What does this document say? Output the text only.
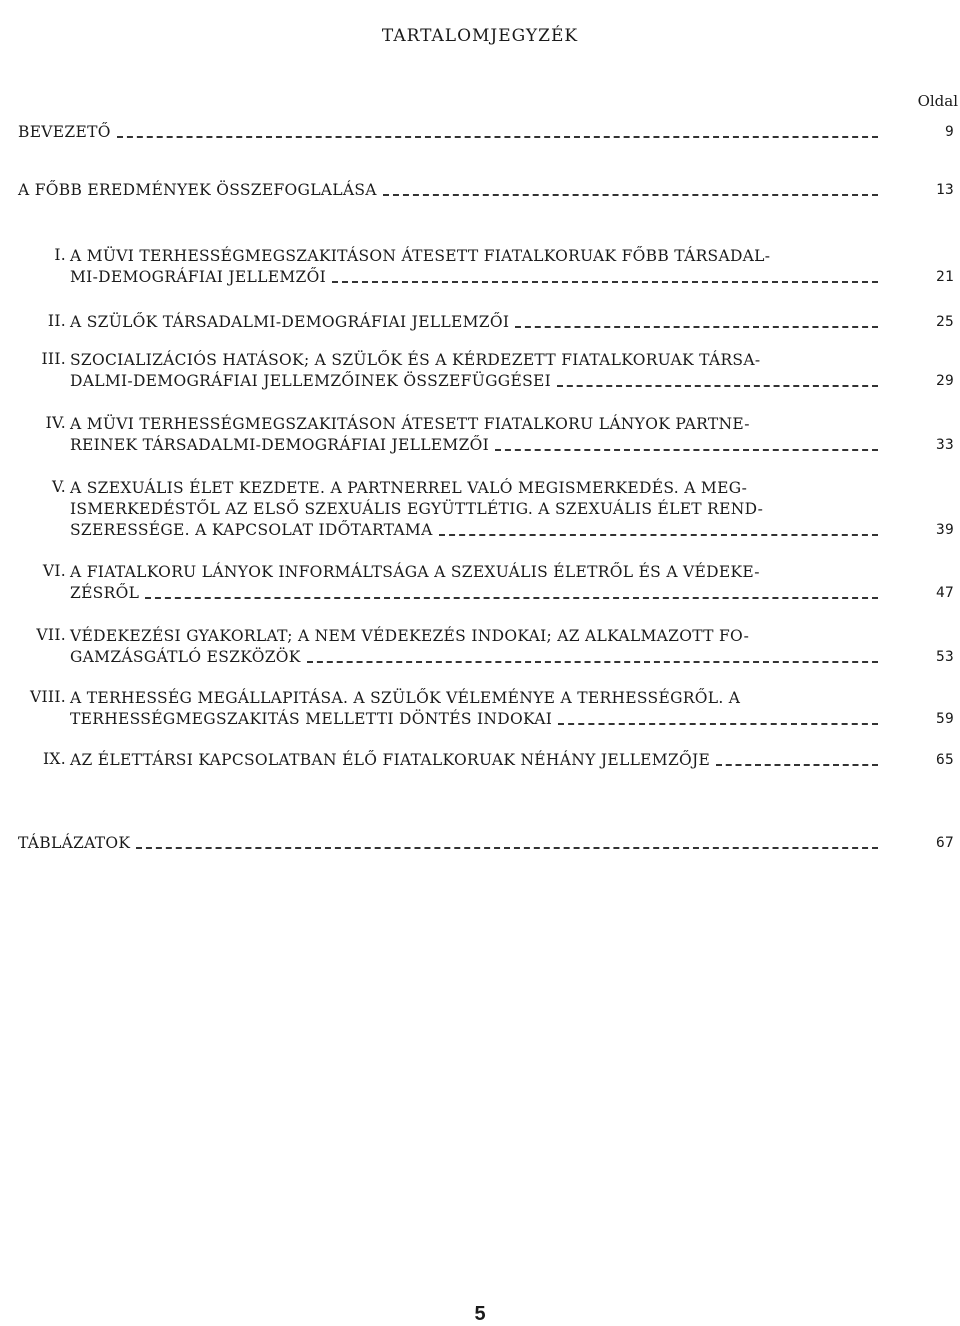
TARTALOMJEGYZÉK
Oldal
BEVEZETŐ	9
A FŐBB EREDMÉNYEK ÖSSZEFOGLALÁSA	13
I. A MÜVI TERHESSÉGMEGSZAKITÁSON ÁTESETT FIATALKORUAK FŐBB TÁRSADAL-
MI-DEMOGRÁFIAI JELLEMZŐI	21
II. A SZÜLŐK TÁRSADALMI-DEMOGRÁFIAI JELLEMZŐI	25
III. SZOCIALIZÁCIÓS HATÁSOK; A SZÜLŐK ÉS A KÉRDEZETT FIATALKORUAK TÁRSA-
DALMI-DEMOGRÁFIAI JELLEMZŐINEK ÖSSZEFÜGGÉSEI	29
IV. A MÜVI TERHESSÉGMEGSZAKITÁSON ÁTESETT FIATALKORU LÁNYOK PARTNE-
REINEK TÁRSADALMI-DEMOGRÁFIAI JELLEMZŐI	33
V. A SZEXUÁLIS ÉLET KEZDETE. A PARTNERREL VALÓ MEGISMERKEDÉS. A MEG-
ISMERKEDÉSTŐL AZ ELSŐ SZEXUÁLIS EGYÜTTLÉTIG. A SZEXUÁLIS ÉLET REND-
SZERESSÉGE. A KAPCSOLAT IDŐTARTAMA	39
VI. A FIATALKORU LÁNYOK INFORMÁLTSÁGA A SZEXUÁLIS ÉLETRŐL ÉS A VÉDEKE-
ZÉSRŐL	47
VII. VÉDEKEZÉSI GYAKORLAT; A NEM VÉDEKEZÉS INDOKAI; AZ ALKALMAZOTT FO-
GAMZÁSGÁTLÓ ESZKÖZÖK	53
VIII. A TERHESSÉG MEGÁLLAPITÁSA. A SZÜLŐK VÉLEMÉNYE A TERHESSÉGRŐL. A
TERHESSÉGMEGSZAKITÁS MELLETTI DÖNTÉS INDOKAI	59
IX. AZ ÉLETTÁRSI KAPCSOLATBAN ÉLŐ FIATALKORUAK NÉHÁNY JELLEMZŐJE	65
TÁBLÁZATOK	67
5
